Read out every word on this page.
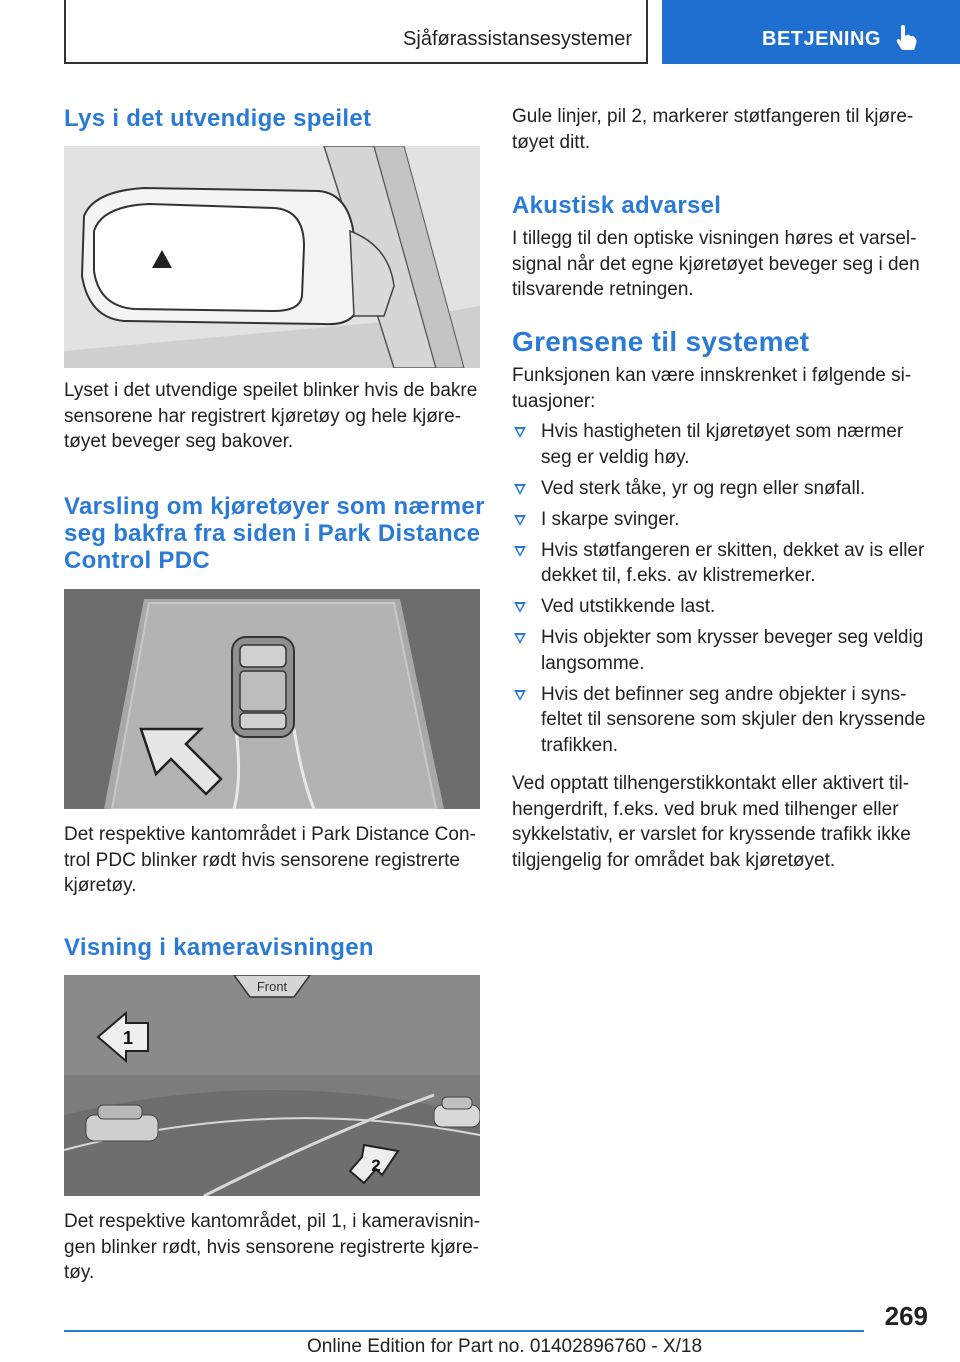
Sjåførassistansesystemer	BETJENING
Lys i det utvendige speilet

Lyset i det utvendige speilet blinker hvis de bakre sensorene har registrert kjøretøy og hele kjøre-tøyet beveger seg bakover.

Varsling om kjøretøyer som nærmer
seg bakfra fra siden i Park Distance
Control PDC

Det respektive kantområdet i Park Distance Con-trol PDC blinker rødt hvis sensorene registrerte kjøretøy.

Visning i kameravisningen
Front
1
2

Det respektive kantområdet, pil 1, i kameravisnin-gen blinker rødt, hvis sensorene registrerte kjøre-tøy.

Gule linjer, pil 2, markerer støtfangeren til kjøre-tøyet ditt.

Akustisk advarsel

I tillegg til den optiske visningen høres et varsel-signal når det egne kjøretøyet beveger seg i den tilsvarende retningen.

Grensene til systemet

Funksjonen kan være innskrenket i følgende si-tuasjoner:

Hvis hastigheten til kjøretøyet som nærmer seg er veldig høy.
Ved sterk tåke, yr og regn eller snøfall.
I skarpe svinger.
Hvis støtfangeren er skitten, dekket av is eller dekket til, f.eks. av klistremerker.
Ved utstikkende last.
Hvis objekter som krysser beveger seg veldig langsomme.
Hvis det befinner seg andre objekter i syns-feltet til sensorene som skjuler den kryssende trafikken.

Ved opptatt tilhengerstikkontakt eller aktivert til-hengerdrift, f.eks. ved bruk med tilhenger eller sykkelstativ, er varslet for kryssende trafikk ikke tilgjengelig for området bak kjøretøyet.

269
Online Edition for Part no. 01402896760 - X/18
